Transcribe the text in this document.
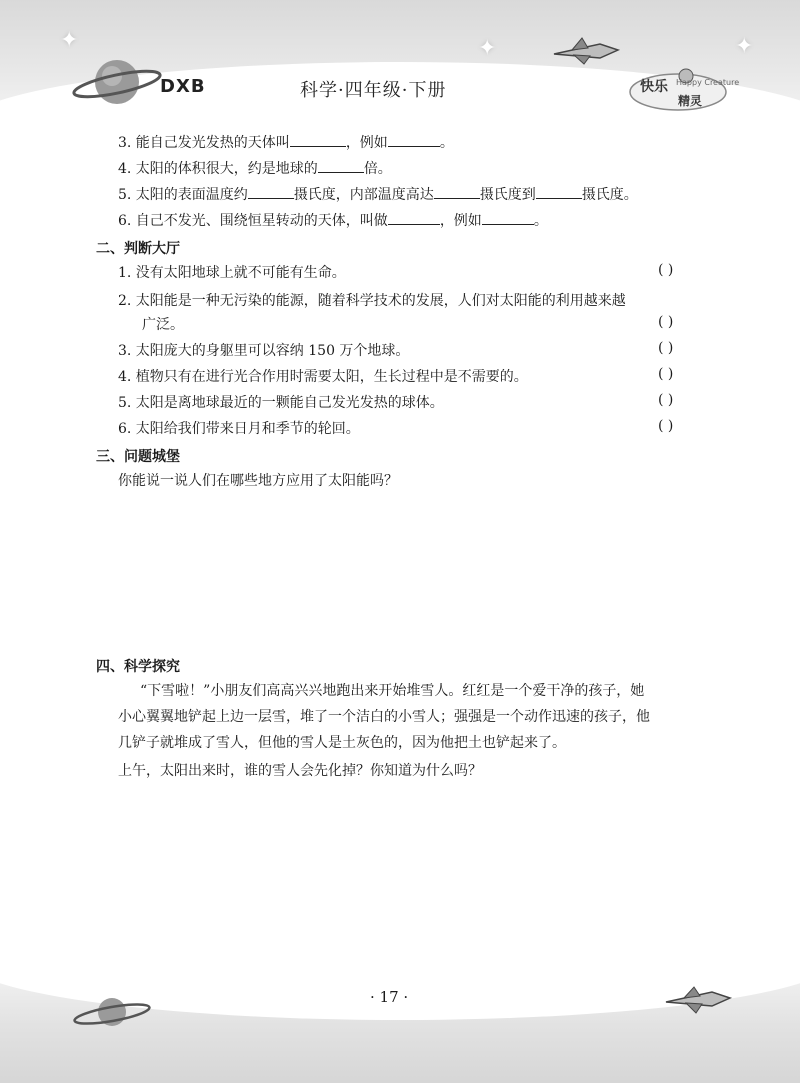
✦	✦	✦
DXB	科学·四年级·下册	快乐 Happy Creature
精灵
3. 能自己发光发热的天体叫	，例如	。
4. 太阳的体积很大，约是地球的	倍。
5. 太阳的表面温度约	摄氏度，内部温度高达	摄氏度到	摄氏度。
6. 自己不发光、围绕恒星转动的天体，叫做	，例如	。
二、判断大厅
1. 没有太阳地球上就不可能有生命。	( )
2. 太阳能是一种无污染的能源，随着科学技术的发展，人们对太阳能的利用越来越
广泛。	( )
3. 太阳庞大的身躯里可以容纳 150 万个地球。	( )
4. 植物只有在进行光合作用时需要太阳，生长过程中是不需要的。	( )
5. 太阳是离地球最近的一颗能自己发光发热的球体。	( )
6. 太阳给我们带来日月和季节的轮回。	( )
三、问题城堡
你能说一说人们在哪些地方应用了太阳能吗？
四、科学探究
“下雪啦！”小朋友们高高兴兴地跑出来开始堆雪人。红红是一个爱干净的孩子，她
小心翼翼地铲起上边一层雪，堆了一个洁白的小雪人；强强是一个动作迅速的孩子，他
几铲子就堆成了雪人，但他的雪人是土灰色的，因为他把土也铲起来了。
上午，太阳出来时，谁的雪人会先化掉？你知道为什么吗？
· 17 ·
